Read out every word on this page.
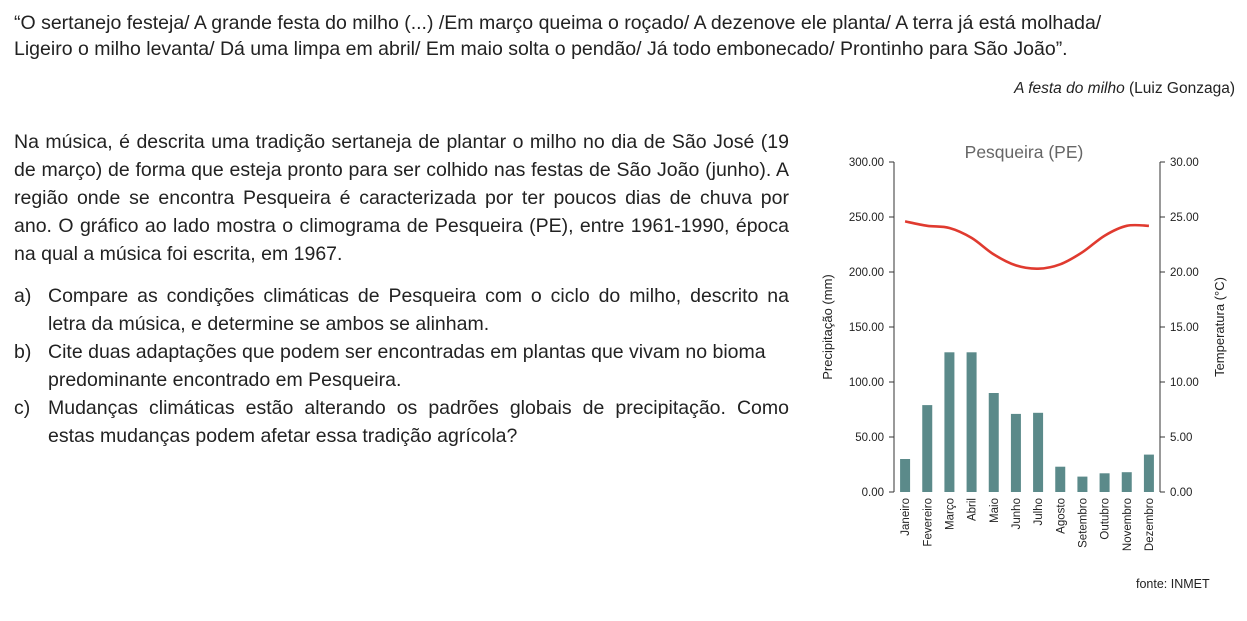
“O sertanejo festeja/ A grande festa do milho (...) /Em março queima o roçado/ A dezenove ele planta/ A terra já está molhada/
Ligeiro o milho levanta/ Dá uma limpa em abril/ Em maio solta o pendão/ Já todo embonecado/ Prontinho para São João”.
A festa do milho (Luiz Gonzaga)
Na música, é descrita uma tradição sertaneja de plantar o milho no dia de São José (19 de março) de forma que esteja pronto para ser colhido nas festas de São João (junho). A região onde se encontra Pesqueira é caracterizada por ter poucos dias de chuva por ano. O gráfico ao lado mostra o climograma de Pesqueira (PE), entre 1961-1990, época na qual a música foi escrita, em 1967.
a) Compare as condições climáticas de Pesqueira com o ciclo do milho, descrito na letra da música, e determine se ambos se alinham.
b) Cite duas adaptações que podem ser encontradas em plantas que vivam no bioma predominante encontrado em Pesqueira.
c) Mudanças climáticas estão alterando os padrões globais de precipitação. Como estas mudanças podem afetar essa tradição agrícola?
Pesqueira (PE)
0.00
50.00
100.00
150.00
200.00
250.00
300.00
0.00
5.00
10.00
15.00
20.00
25.00
30.00
Precipitação (mm)	Temperatura (°C)
Janeiro Fevereiro Março Abril Maio Junho Julho Agosto Setembro Outubro Novembro Dezembro
fonte: INMET
